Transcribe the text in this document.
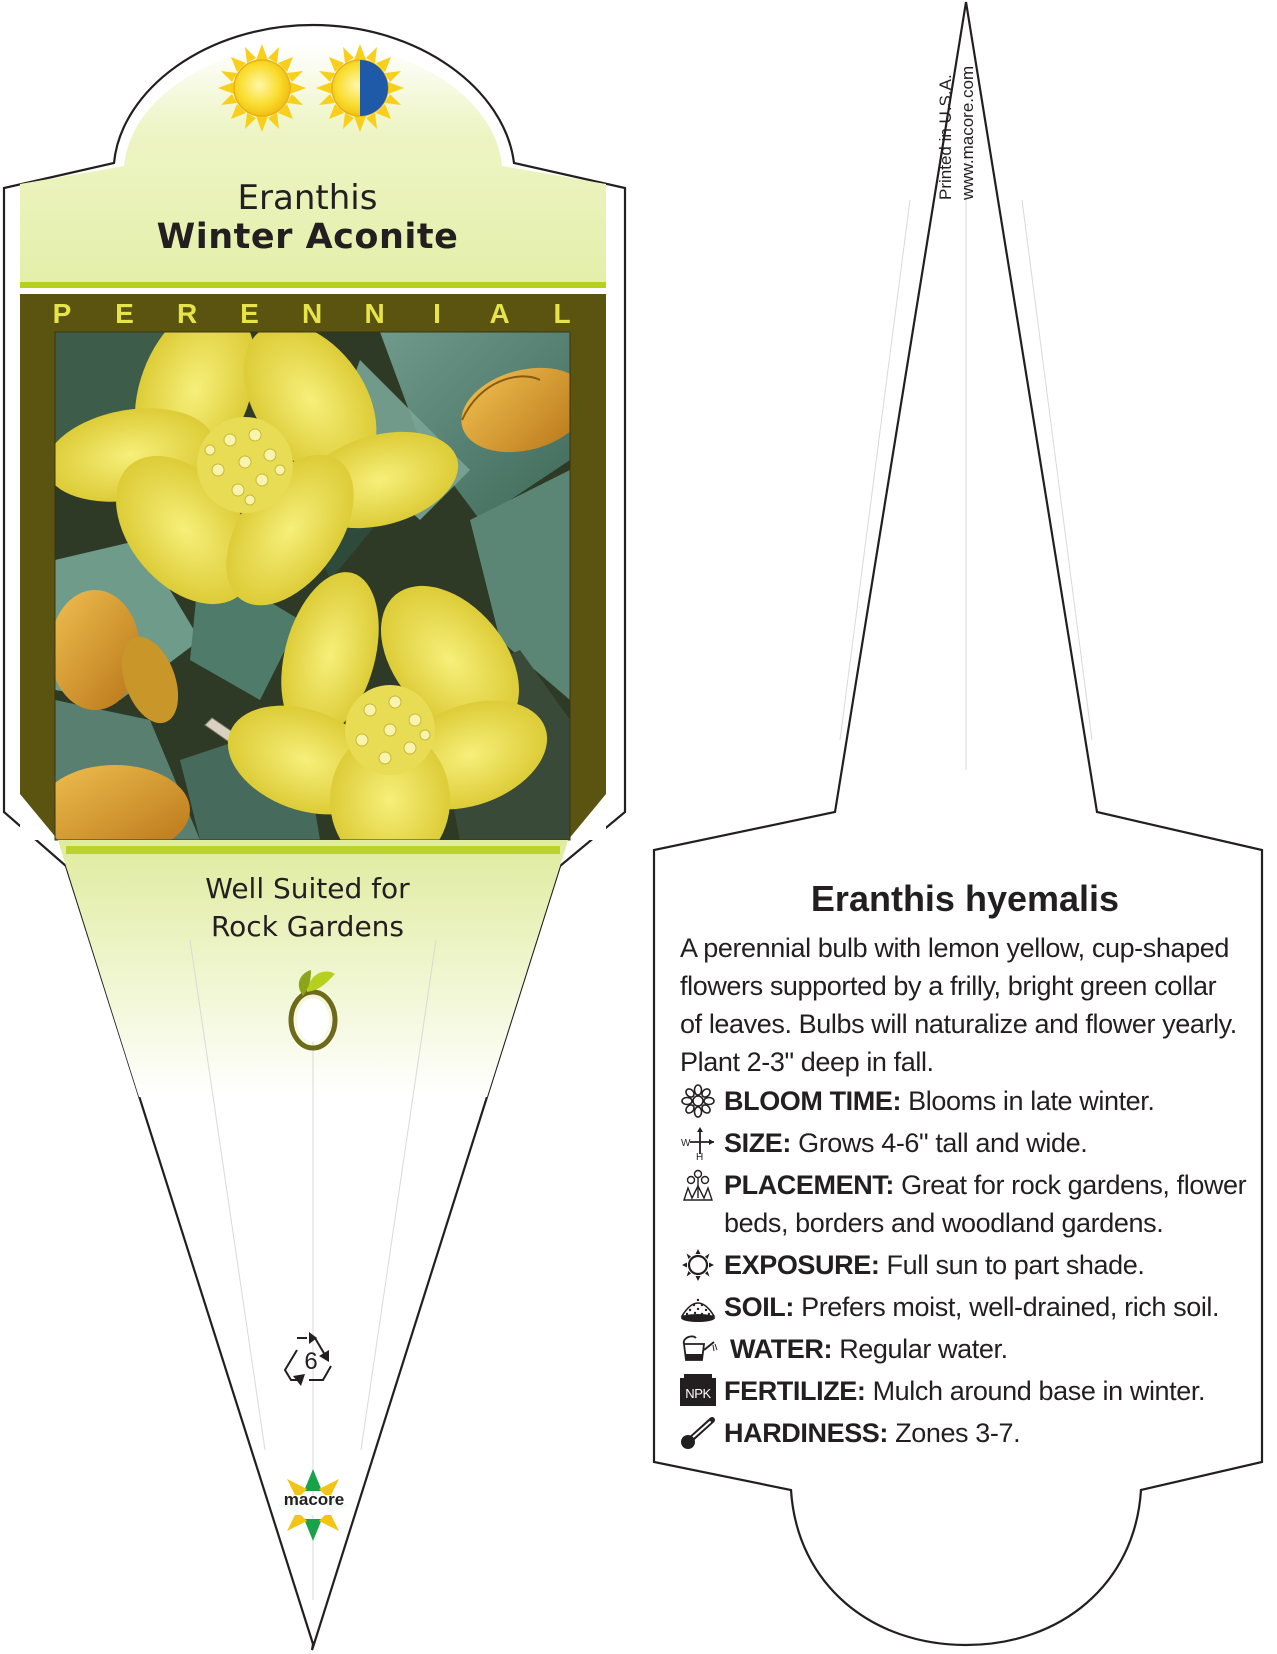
Eranthis
Winter Aconite
P E R E N N I A L
Well Suited for
Rock Gardens
6
macore
Printed in U.S.A. www.macore.com
Eranthis hyemalis
A perennial bulb with lemon yellow, cup-shaped flowers supported by a frilly, bright green collar of leaves. Bulbs will naturalize and flower yearly. Plant 2-3" deep in fall.
BLOOM TIME: Blooms in late winter.
W
H SIZE: Grows 4-6" tall and wide.
PLACEMENT: Great for rock gardens, flower beds, borders and woodland gardens.
EXPOSURE: Full sun to part shade.
SOIL: Prefers moist, well-drained, rich soil.
WATER: Regular water.
NPK FERTILIZE: Mulch around base in winter.
HARDINESS: Zones 3-7.
